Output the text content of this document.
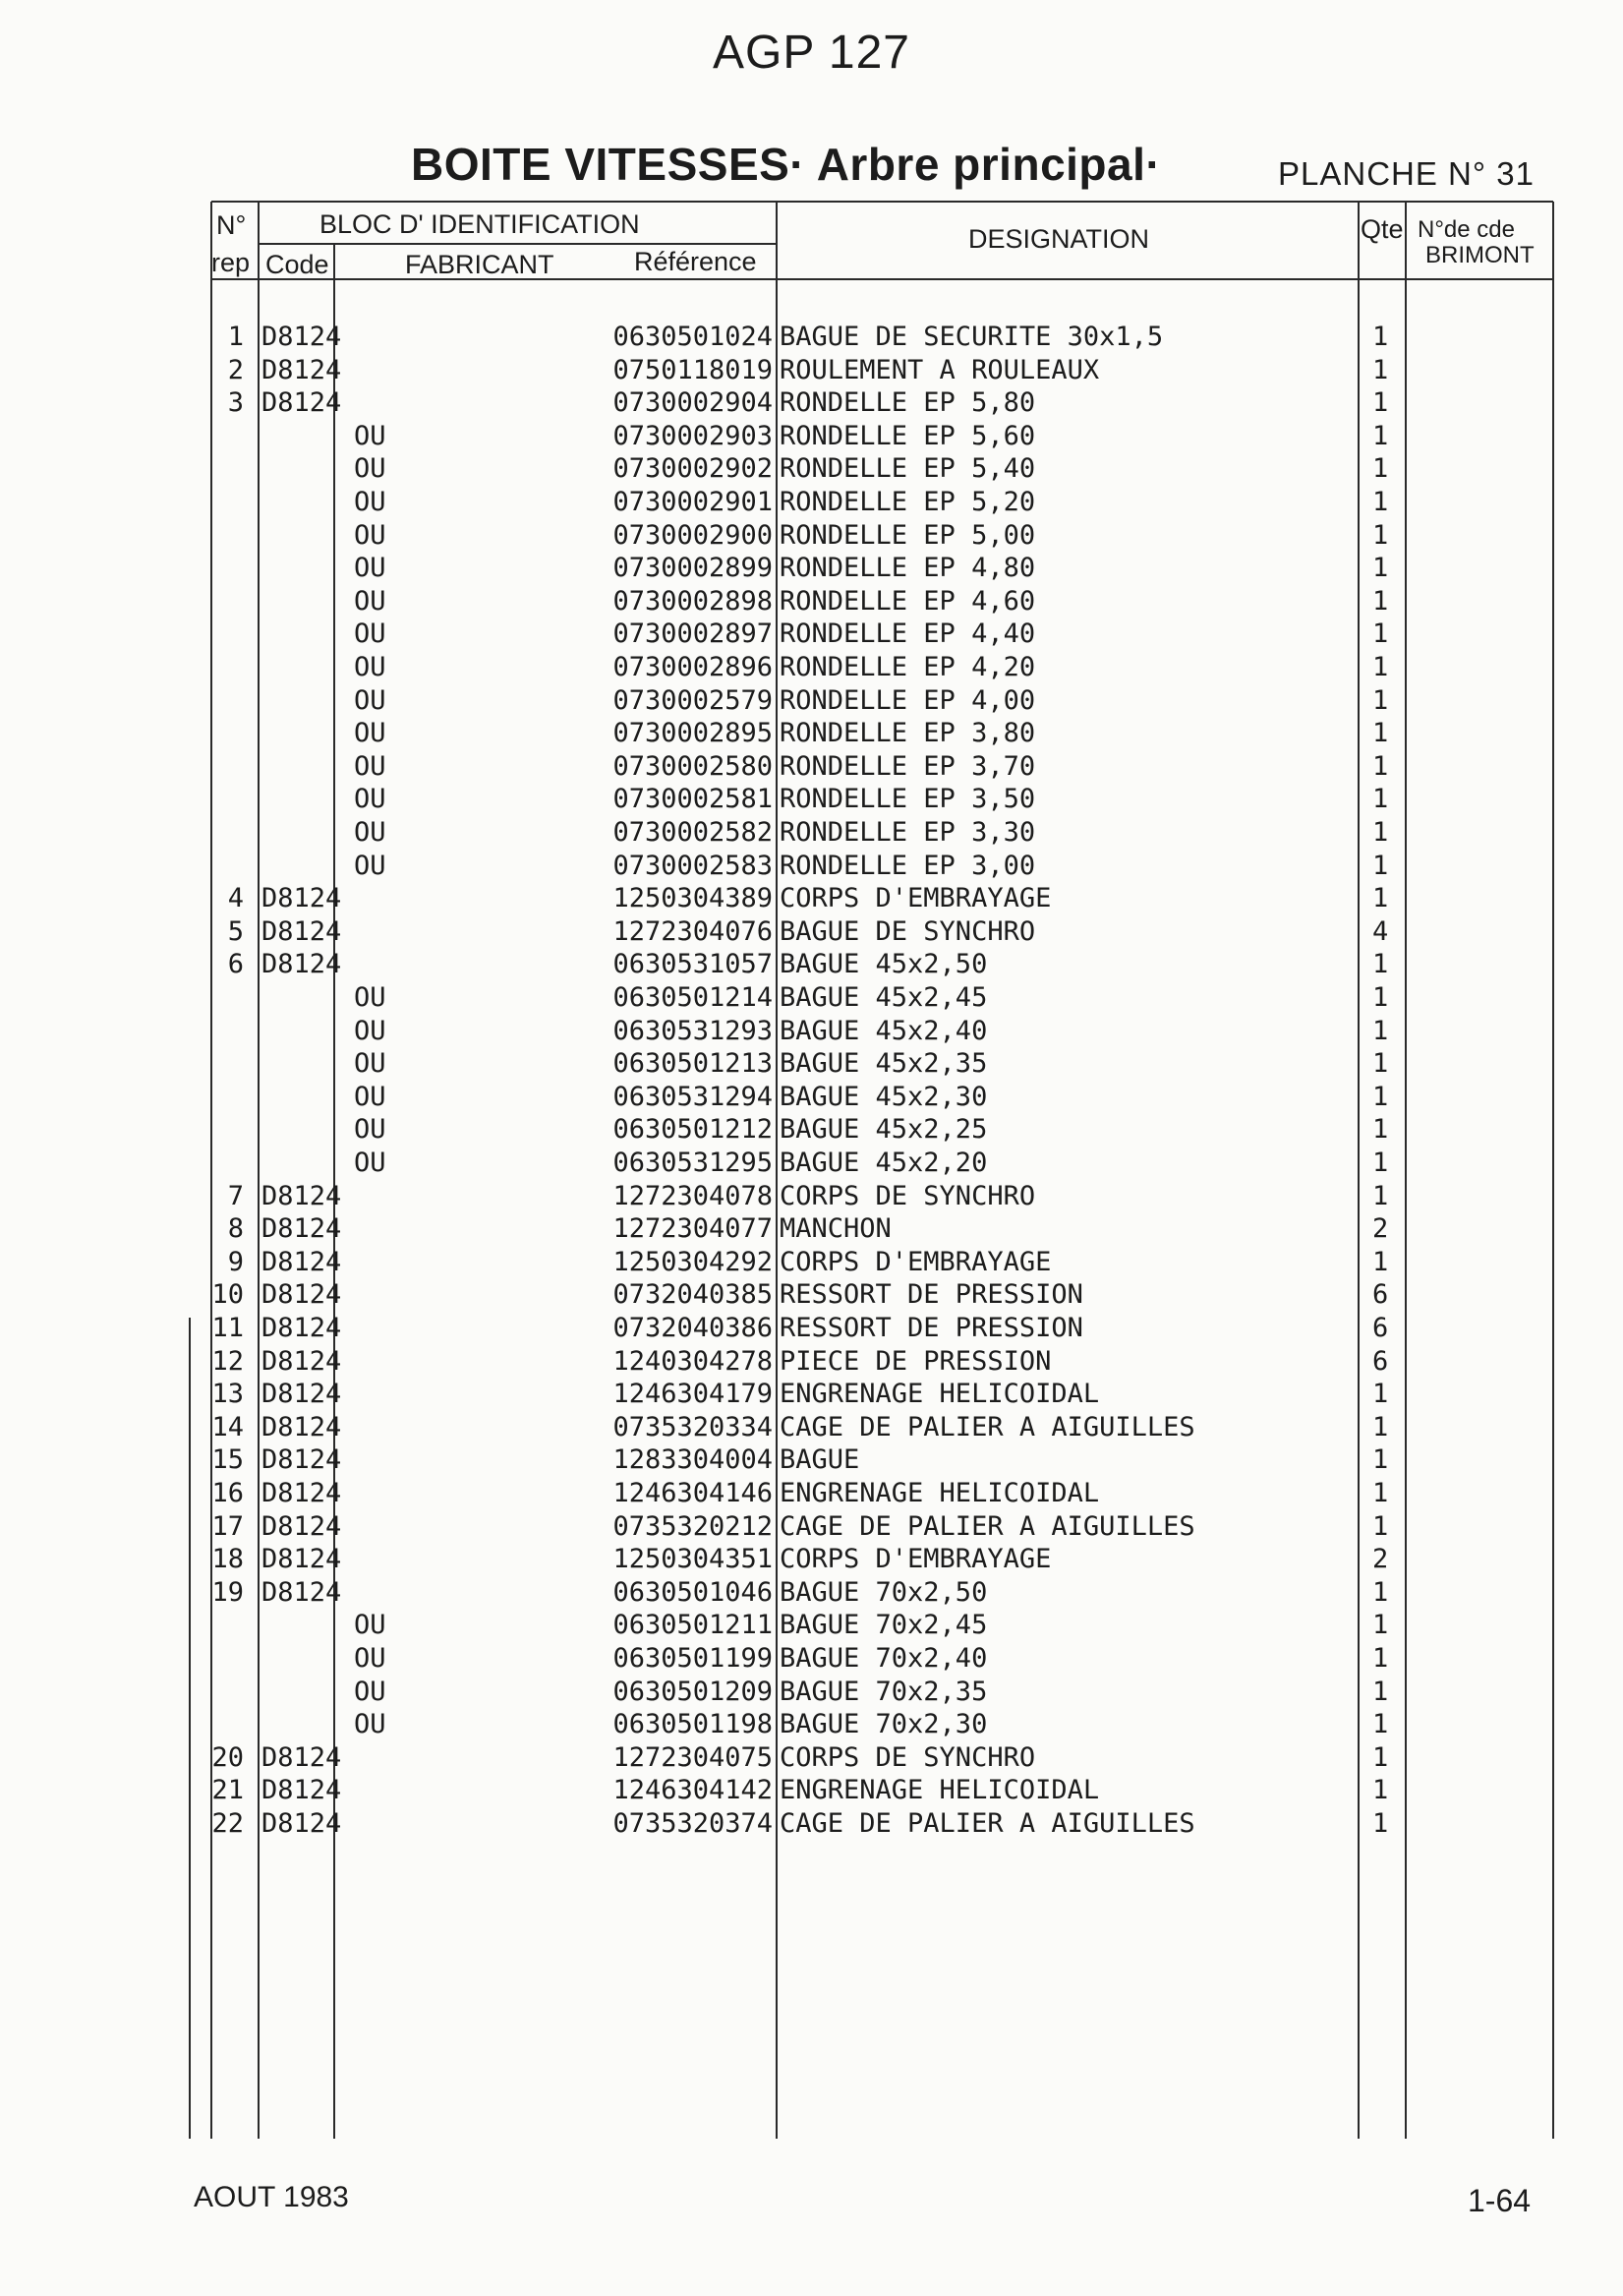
AGP 127
BOITE VITESSES· Arbre principal·	PLANCHE N° 31
N°
rep
BLOC D' IDENTIFICATION
Code	FABRICANT	Référence
DESIGNATION	Qte N°de cde
BRIMONT
1 D8124	0630501024 BAGUE DE SECURITE 30x1,5	1
2 D8124	0750118019 ROULEMENT A ROULEAUX	1
3 D8124	0730002904 RONDELLE EP 5,80	1
OU	0730002903 RONDELLE EP 5,60	1
OU	0730002902 RONDELLE EP 5,40	1
OU	0730002901 RONDELLE EP 5,20	1
OU	0730002900 RONDELLE EP 5,00	1
OU	0730002899 RONDELLE EP 4,80	1
OU	0730002898 RONDELLE EP 4,60	1
OU	0730002897 RONDELLE EP 4,40	1
OU	0730002896 RONDELLE EP 4,20	1
OU	0730002579 RONDELLE EP 4,00	1
OU	0730002895 RONDELLE EP 3,80	1
OU	0730002580 RONDELLE EP 3,70	1
OU	0730002581 RONDELLE EP 3,50	1
OU	0730002582 RONDELLE EP 3,30	1
OU	0730002583 RONDELLE EP 3,00	1
4 D8124	1250304389 CORPS D'EMBRAYAGE	1
5 D8124	1272304076 BAGUE DE SYNCHRO	4
6 D8124	0630531057 BAGUE 45x2,50	1
OU	0630501214 BAGUE 45x2,45	1
OU	0630531293 BAGUE 45x2,40	1
OU	0630501213 BAGUE 45x2,35	1
OU	0630531294 BAGUE 45x2,30	1
OU	0630501212 BAGUE 45x2,25	1
OU	0630531295 BAGUE 45x2,20	1
7 D8124	1272304078 CORPS DE SYNCHRO	1
8 D8124	1272304077 MANCHON	2
9 D8124	1250304292 CORPS D'EMBRAYAGE	1
10 D8124	0732040385 RESSORT DE PRESSION	6
11 D8124	0732040386 RESSORT DE PRESSION	6
12 D8124	1240304278 PIECE DE PRESSION	6
13 D8124	1246304179 ENGRENAGE HELICOIDAL	1
14 D8124	0735320334 CAGE DE PALIER A AIGUILLES	1
15 D8124	1283304004 BAGUE	1
16 D8124	1246304146 ENGRENAGE HELICOIDAL	1
17 D8124	0735320212 CAGE DE PALIER A AIGUILLES	1
18 D8124	1250304351 CORPS D'EMBRAYAGE	2
19 D8124	0630501046 BAGUE 70x2,50	1
OU	0630501211 BAGUE 70x2,45	1
OU	0630501199 BAGUE 70x2,40	1
OU	0630501209 BAGUE 70x2,35	1
OU	0630501198 BAGUE 70x2,30	1
20 D8124	1272304075 CORPS DE SYNCHRO	1
21 D8124	1246304142 ENGRENAGE HELICOIDAL	1
22 D8124	0735320374 CAGE DE PALIER A AIGUILLES	1
AOUT 1983	1-64
